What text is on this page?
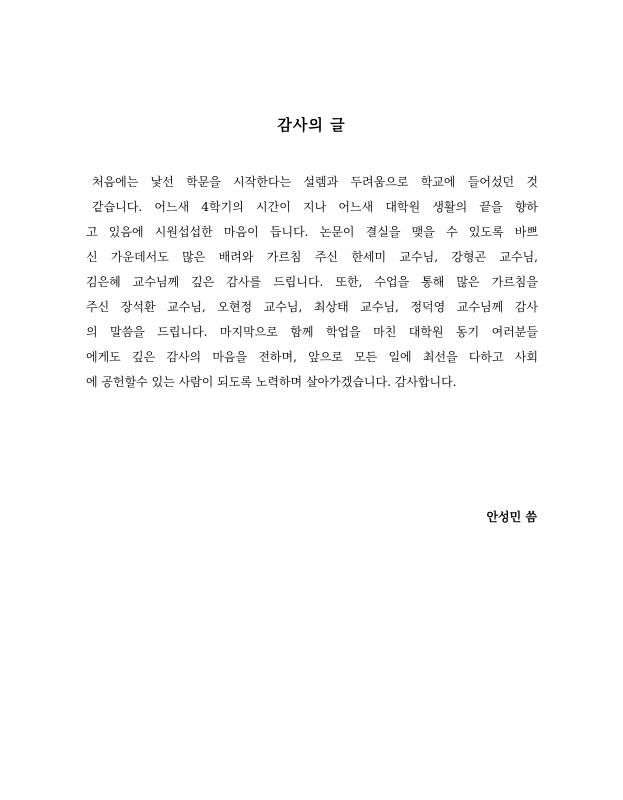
감사의 글
처음에는 낯선 학문을 시작한다는 설렘과 두려움으로 학교에 들어섰던 것
같습니다. 어느새 4학기의 시간이 지나 어느새 대학원 생활의 끝을 향하
고 있음에 시원섭섭한 마음이 듭니다. 논문이 결실을 맺을 수 있도록 바쁘
신 가운데서도 많은 배려와 가르침 주신 한세미 교수님, 강형곤 교수님,
김은혜 교수님께 깊은 감사를 드립니다. 또한, 수업을 통해 많은 가르침을
주신 장석환 교수님, 오현정 교수님, 최상태 교수님, 정덕영 교수님께 감사
의 말씀을 드립니다. 마지막으로 함께 학업을 마친 대학원 동기 여러분들
에게도 깊은 감사의 마음을 전하며, 앞으로 모든 일에 최선을 다하고 사회
에 공헌할수 있는 사람이 되도록 노력하며 살아가겠습니다. 감사합니다.
안성민 씀
